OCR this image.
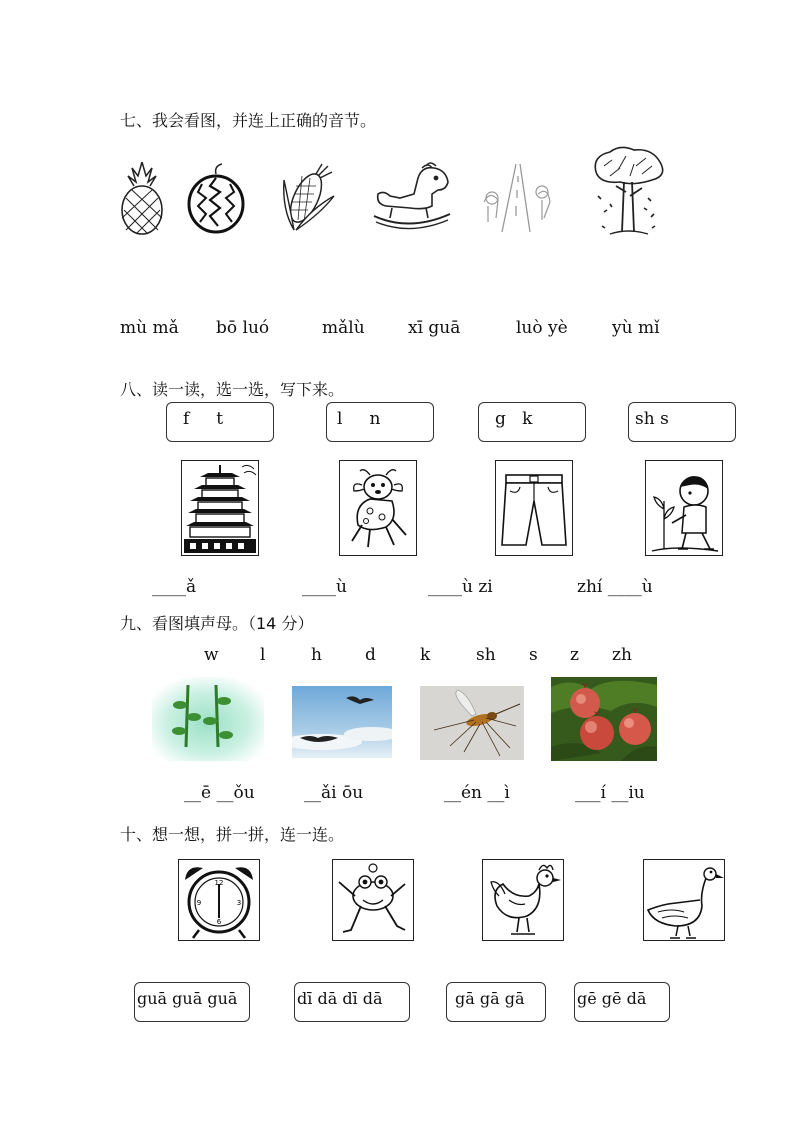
七、我会看图，并连上正确的音节。
mù mǎ bō luó	mǎlù	xī guā	luò yè	yù mǐ
八、读一读，选一选，写下来。
f     t	l     n	g   k	sh s
____ǎ	____ù	____ù zi	zhí ____ù
九、看图填声母。（14 分）
w l	h	d	k	sh s z zh
__ē __ǒu	__ǎi ōu	__én __ì	___í __iu
十、想一想，拼一拼，连一连。
12
3
6
9
guā guā guā	dī dā dī dā	gā gā gā	gē gē dā
